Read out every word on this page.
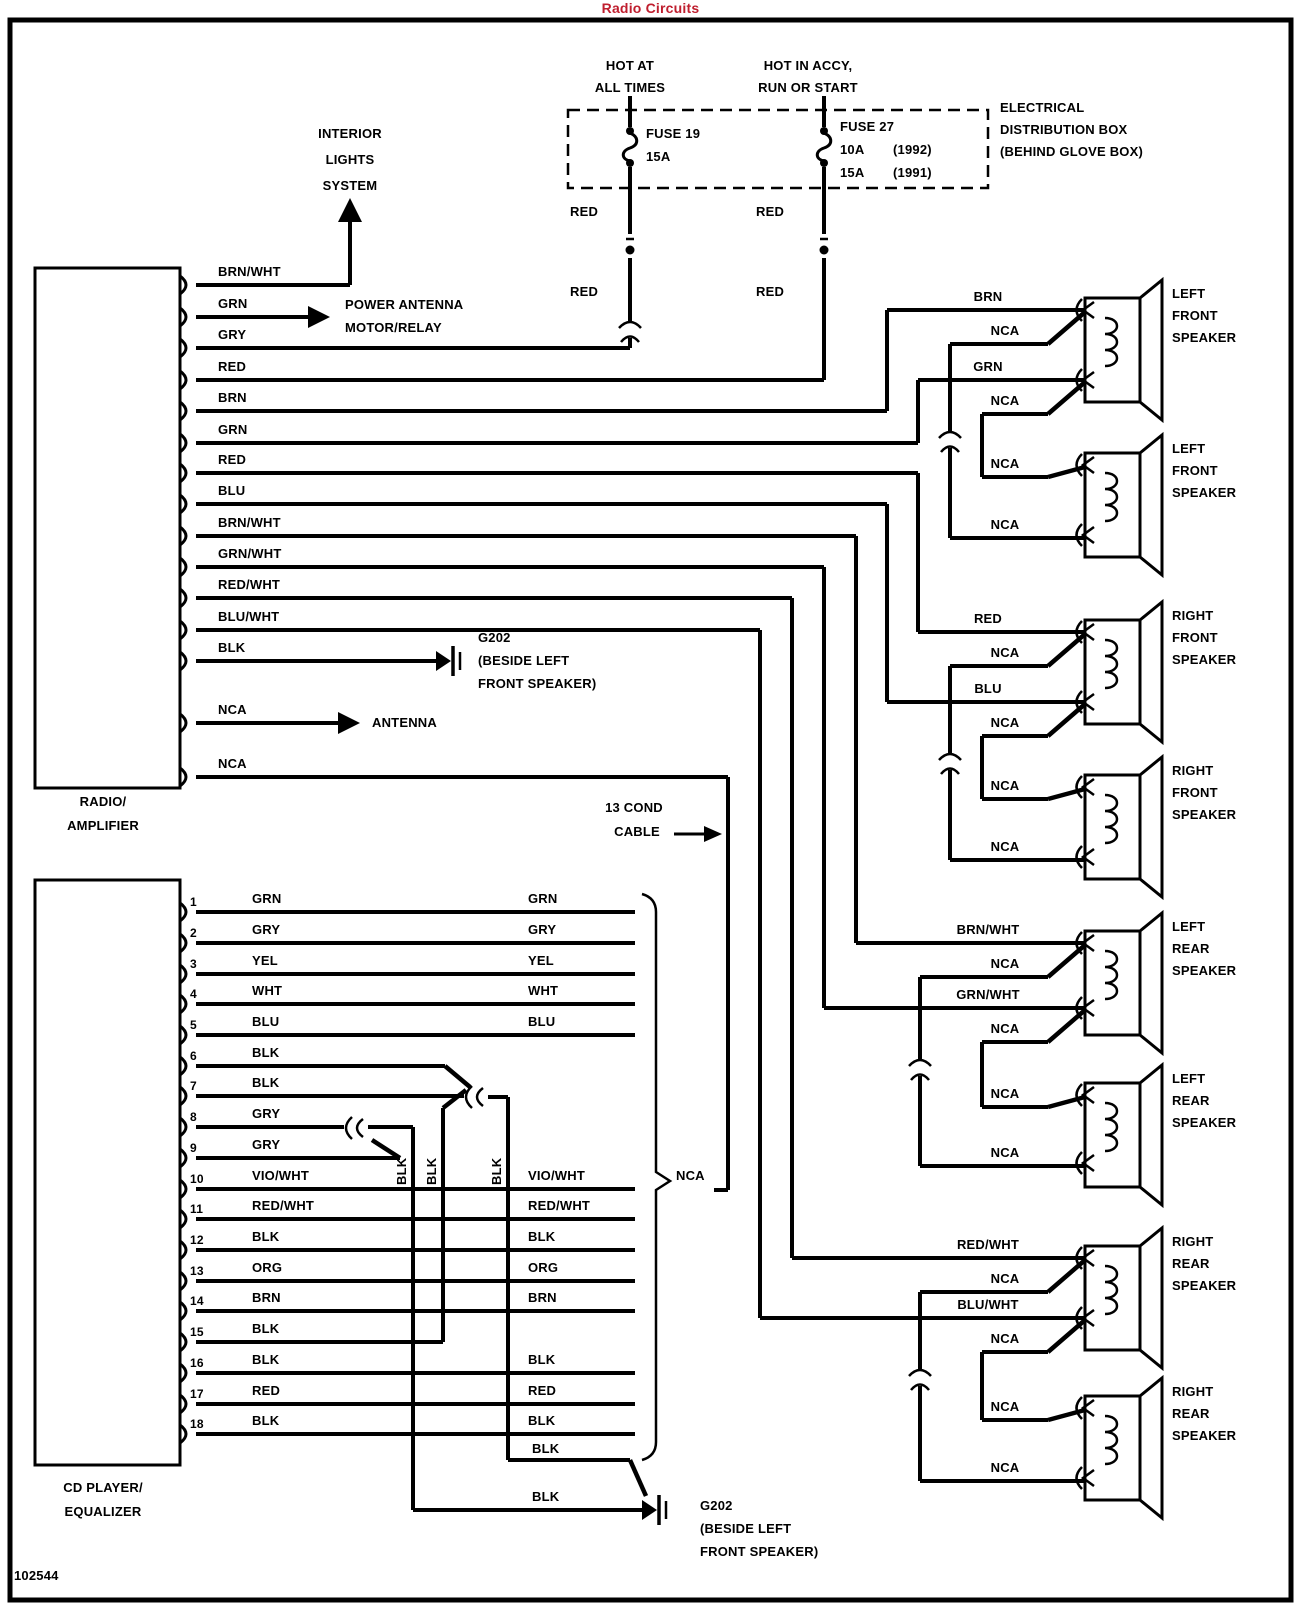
Radio Circuits
HOT AT
ALL TIMES
HOT IN ACCY,
RUN OR START
FUSE 19
15A
FUSE 27
10A (1992)
15A (1991)
ELECTRICAL
DISTRIBUTION BOX
(BEHIND GLOVE BOX)
RED
RED
RED
RED
RADIO/
AMPLIFIER
BRN/WHT
GRN
GRY
RED
BRN
GRN
RED
BLU
BRN/WHT
GRN/WHT
RED/WHT
BLU/WHT
BLK
NCA
NCA
INTERIOR
LIGHTS
SYSTEM
POWER ANTENNA
MOTOR/RELAY
ANTENNA
G202
(BESIDE LEFT
FRONT SPEAKER)
G202
(BESIDE LEFT
FRONT SPEAKER)
13 COND
CABLE
NCA
BRN
GRN
NCA
NCA
NCA
NCA
LEFT
FRONT
SPEAKER
LEFT
FRONT
SPEAKER
RED
BLU
NCA
NCA
NCA
NCA
RIGHT
FRONT
SPEAKER
RIGHT
FRONT
SPEAKER
BRN/WHT
GRN/WHT
NCA
NCA
NCA
NCA
LEFT
REAR
SPEAKER
LEFT
REAR
SPEAKER
RED/WHT
BLU/WHT
NCA
NCA
NCA
NCA
RIGHT
REAR
SPEAKER
RIGHT
REAR
SPEAKER
CD PLAYER/
EQUALIZER
1	GRN	GRN
2	GRY	GRY
3	YEL	YEL
4	WHT	WHT
5	BLU	BLU
6	BLK
7	BLK
8	GRY
9	GRY
10	VIO/WHT	VIO/WHT
11	RED/WHT	RED/WHT
12	BLK	BLK
13	ORG	ORG
14	BRN	BRN
15	BLK
16	BLK	BLK
17	RED	RED
18	BLK	BLK
BLK BLK	BLK
BLK
BLK
102544
